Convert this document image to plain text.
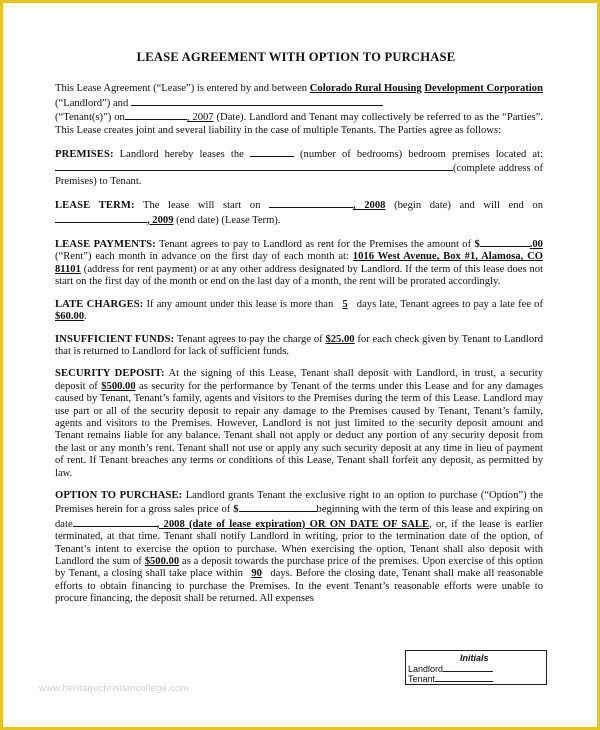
LEASE AGREEMENT WITH OPTION TO PURCHASE

This Lease Agreement (“Lease”) is entered by and between Colorado Rural Housing Development Corporation (“Landlord”) and
(“Tenant(s)”) on	, 2007 (Date). Landlord and Tenant may collectively be referred to as the “Parties”. This Lease creates joint and several liability in the case of multiple Tenants. The Parties agree as follows:

PREMISES: Landlord hereby leases the	(number of bedrooms) bedroom premises located at:(complete address of Premises) to Tenant.

LEASE TERM: The lease will start on	, 2008 (begin date) and will end on , 2009 (end date) (Lease Term).

LEASE PAYMENTS: Tenant agrees to pay to Landlord as rent for the Premises the amount of $	.00 (“Rent”) each month in advance on the first day of each month at: 1016 West Avenue, Box #1, Alamosa, CO 81101 (address for rent payment) or at any other address designated by Landlord. If the term of this lease does not start on the first day of the month or end on the last day of a month, the rent will be prorated accordingly.

LATE CHARGES: If any amount under this lease is more than 5 days late, Tenant agrees to pay a late fee of $60.00.

INSUFFICIENT FUNDS: Tenant agrees to pay the charge of $25.00 for each check given by Tenant to Landlord that is returned to Landlord for lack of sufficient funds.

SECURITY DEPOSIT: At the signing of this Lease, Tenant shall deposit with Landlord, in trust, a security deposit of $500.00 as security for the performance by Tenant of the terms under this Lease and for any damages caused by Tenant, Tenant’s family, agents and visitors to the Premises during the term of this Lease. Landlord may use part or all of the security deposit to repair any damage to the Premises caused by Tenant, Tenant’s family, agents and visitors to the Premises. However, Landlord is not just limited to the security deposit amount and Tenant remains liable for any balance. Tenant shall not apply or deduct any portion of any security deposit from the last or any month’s rent. Tenant shall not use or apply any such security deposit at any time in lieu of payment of rent. If Tenant breaches any terms or conditions of this Lease, Tenant shall forfeit any deposit, as permitted by law.

OPTION TO PURCHASE: Landlord grants Tenant the exclusive right to an option to purchase (“Option”) the Premises herein for a gross sales price of $	beginning with the term of this lease and expiring on date	, 2008 (date of lease expiration) OR ON DATE OF SALE, or, if the lease is earlier terminated, at that time. Tenant shall notify Landlord in writing, prior to the termination date of the option, of Tenant’s intent to exercise the option to purchase. When exercising the option, Tenant shall also deposit with Landlord the sum of $500.00 as a deposit towards the purchase price of the premises. Upon exercise of this option by Tenant, a closing shall take place within 90 days. Before the closing date, Tenant shall make all reasonable efforts to obtain financing to purchase the Premises. In the event Tenant’s reasonable efforts were unable to procure financing, the deposit shall be returned. All expenses

Initials
Landlord
Tenant
www.heritagechristiancollege.com
